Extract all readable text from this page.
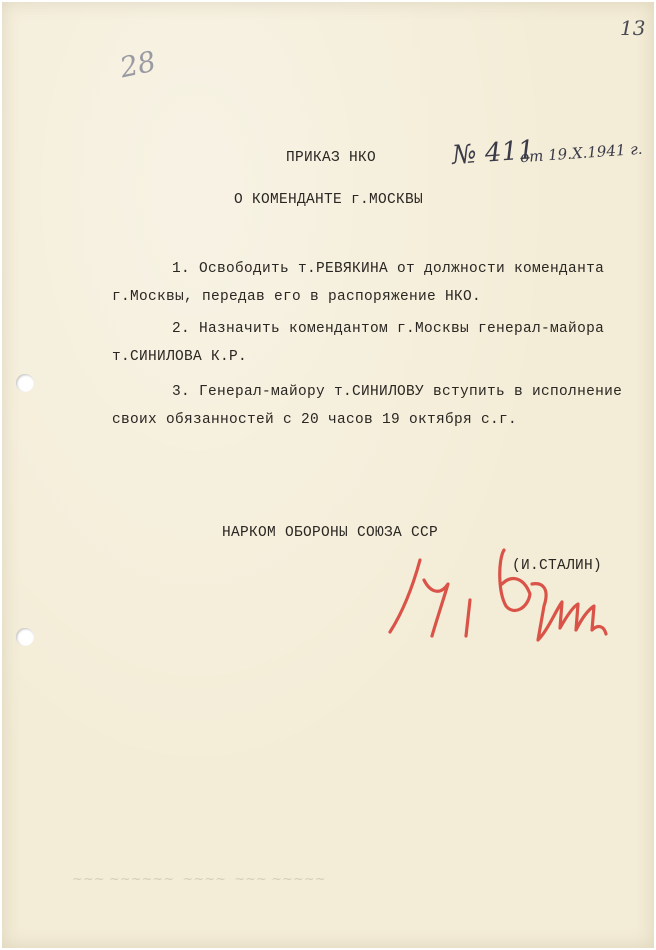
13
28
ПРИКАЗ НКО	№ 411
от 19.Х.1941 г.
О КОМЕНДАНТЕ г.МОСКВЫ
1. Освободить т.РЕВЯКИНА от должности коменданта
г.Москвы, передав его в распоряжение НКО.
2. Назначить комендантом г.Москвы генерал-майора
т.СИНИЛОВА К.Р.
3. Генерал-майору т.СИНИЛОВУ вступить в исполнение
своих обязанностей с 20 часов 19 октября с.г.
НАРКОМ ОБОРОНЫ СОЮЗА ССР
(И.СТАЛИН)
~~~ ~~~~~~  ~~~~  ~~~ ~~~~~
